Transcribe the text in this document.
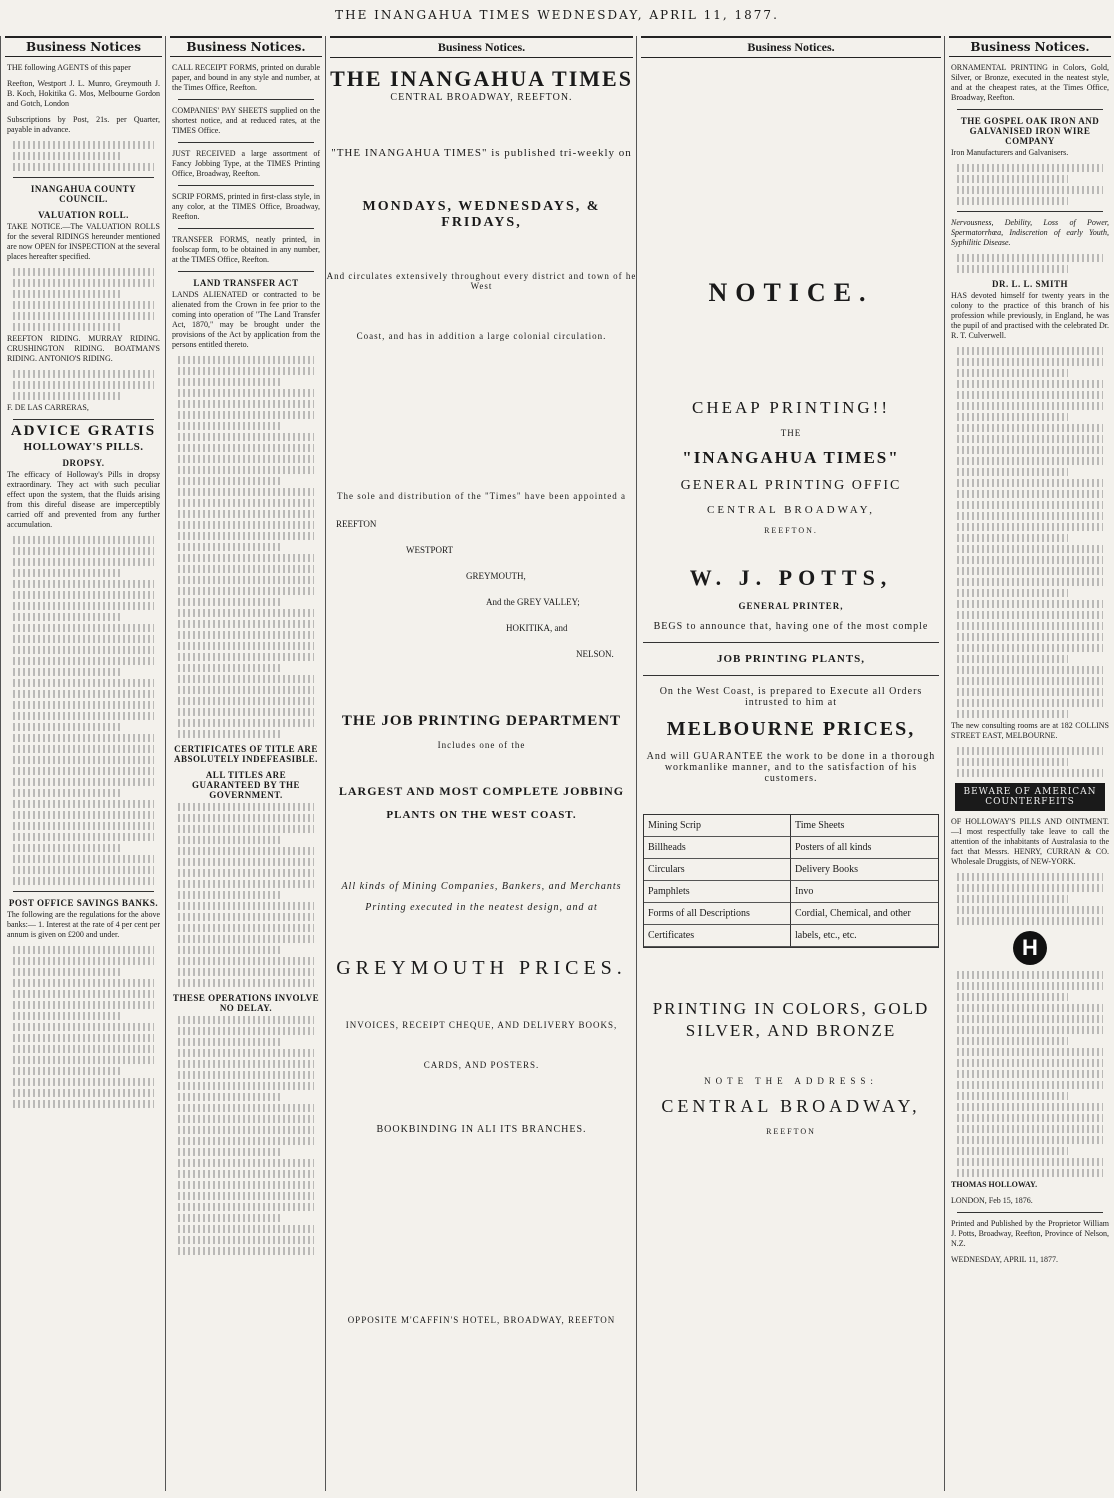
THE INANGAHUA TIMES WEDNESDAY, APRIL 11, 1877.
Business Notices

THE following AGENTS of this paper

Reefton, Westport J. L. Munro, Greymouth J. B. Koch, Hokitika G. Mos, Melbourne Gordon and Gotch, London

Subscriptions by Post, 21s. per Quarter, payable in advance.

INANGAHUA COUNTY COUNCIL.
VALUATION ROLL.

TAKE NOTICE.—The VALUATION ROLLS for the several RIDINGS hereunder mentioned are now OPEN for INSPECTION at the several places hereafter specified.

REEFTON RIDING. MURRAY RIDING. CRUSHINGTON RIDING. BOATMAN'S RIDING. ANTONIO'S RIDING.

F. DE LAS CARRERAS,

ADVICE GRATIS
HOLLOWAY'S PILLS.
DROPSY.

The efficacy of Holloway's Pills in dropsy extraordinary. They act with such peculiar effect upon the system, that the fluids arising from this direful disease are imperceptibly carried off and prevented from any further accumulation.

POST OFFICE SAVINGS BANKS.

The following are the regulations for the above banks:— 1. Interest at the rate of 4 per cent per annum is given on £200 and under.

Business Notices.

CALL RECEIPT FORMS, printed on durable paper, and bound in any style and number, at the Times Office, Reefton.

COMPANIES' PAY SHEETS supplied on the shortest notice, and at reduced rates, at the TIMES Office.

JUST RECEIVED a large assortment of Fancy Jobbing Type, at the TIMES Printing Office, Broadway, Reefton.

SCRIP FORMS, printed in first-class style, in any color, at the TIMES Office, Broadway, Reefton.

TRANSFER FORMS, neatly printed, in foolscap form, to be obtained in any number, at the TIMES Office, Reefton.

LAND TRANSFER ACT

LANDS ALIENATED or contracted to be alienated from the Crown in fee prior to the coming into operation of "The Land Transfer Act, 1870," may be brought under the provisions of the Act by application from the persons entitled thereto.

CERTIFICATES OF TITLE ARE ABSOLUTELY INDEFEASIBLE.
ALL TITLES ARE GUARANTEED BY THE GOVERNMENT.
THESE OPERATIONS INVOLVE NO DELAY.
Business Notices.
THE INANGAHUA TIMES
CENTRAL BROADWAY, REEFTON.
"THE INANGAHUA TIMES" is published tri-weekly on
MONDAYS, WEDNESDAYS, & FRIDAYS,
And circulates extensively throughout every district and town of he West
Coast, and has in addition a large colonial circulation.
The sole and distribution of the "Times" have been appointed a
REEFTON
WESTPORT
GREYMOUTH,
And the GREY VALLEY;
HOKITIKA, and
NELSON.
THE JOB PRINTING DEPARTMENT
Includes one of the
LARGEST AND MOST COMPLETE JOBBING
PLANTS ON THE WEST COAST.
All kinds of Mining Companies, Bankers, and Merchants
Printing executed in the neatest design, and at
GREYMOUTH PRICES.
INVOICES, RECEIPT CHEQUE, AND DELIVERY BOOKS,
CARDS, AND POSTERS.
BOOKBINDING IN ALI ITS BRANCHES.
OPPOSITE M'CAFFIN'S HOTEL, BROADWAY, REEFTON
Business Notices.
NOTICE.
CHEAP PRINTING!!
THE
"INANGAHUA TIMES"
GENERAL PRINTING OFFIC
CENTRAL BROADWAY,
REEFTON.
W. J. POTTS,
GENERAL PRINTER,
BEGS to announce that, having one of the most comple
JOB PRINTING PLANTS,
On the West Coast, is prepared to Execute all Orders intrusted to him at
MELBOURNE PRICES,
And will GUARANTEE the work to be done in a thorough workmanlike manner, and to the satisfaction of his customers.
Mining Scrip	Time Sheets
Billheads	Posters of all kinds
Circulars	Delivery Books
Pamphlets	Invo
Forms of all Descriptions	Cordial, Chemical, and other
Certificates	labels, etc., etc.
PRINTING IN COLORS, GOLD SILVER, AND BRONZE
NOTE THE ADDRESS:
CENTRAL BROADWAY,
REEFTON
Business Notices.

ORNAMENTAL PRINTING in Colors, Gold, Silver, or Bronze, executed in the neatest style, and at the cheapest rates, at the Times Office, Broadway, Reefton.

THE GOSPEL OAK IRON AND GALVANISED IRON WIRE COMPANY

Iron Manufacturers and Galvanisers.

Nervousness, Debility, Loss of Power, Spermatorrhœa, Indiscretion of early Youth, Syphilitic Disease.

DR. L. L. SMITH

HAS devoted himself for twenty years in the colony to the practice of this branch of his profession while previously, in England, he was the pupil of and practised with the celebrated Dr. R. T. Culverwell.

The new consulting rooms are at 182 COLLINS STREET EAST, MELBOURNE.

BEWARE OF AMERICAN COUNTERFEITS

OF HOLLOWAY'S PILLS AND OINTMENT.—I most respectfully take leave to call the attention of the inhabitants of Australasia to the fact that Messrs. HENRY, CURRAN & CO. Wholesale Druggists, of NEW-YORK.

H

THOMAS HOLLOWAY.

LONDON, Feb 15, 1876.

Printed and Published by the Proprietor William J. Potts, Broadway, Reefton, Province of Nelson, N.Z.

WEDNESDAY, APRIL 11, 1877.
